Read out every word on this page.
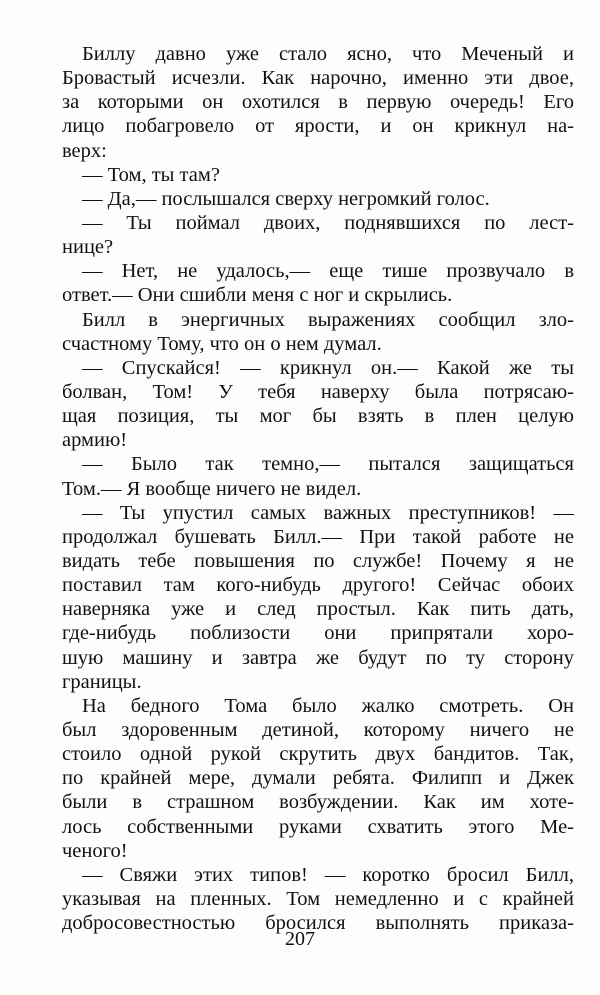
Биллу давно уже стало ясно, что Меченый и
Бровастый исчезли. Как нарочно, именно эти двое,
за которыми он охотился в первую очередь! Его
лицо побагровело от ярости, и он крикнул на-
верх:
— Том, ты там?
— Да,— послышался сверху негромкий голос.
— Ты поймал двоих, поднявшихся по лест-
нице?
— Нет, не удалось,— еще тише прозвучало в
ответ.— Они сшибли меня с ног и скрылись.
Билл в энергичных выражениях сообщил зло-
счастному Тому, что он о нем думал.
— Спускайся! — крикнул он.— Какой же ты
болван, Том! У тебя наверху была потрясаю-
щая позиция, ты мог бы взять в плен целую
армию!
— Было так темно,— пытался защищаться
Том.— Я вообще ничего не видел.
— Ты упустил самых важных преступников! —
продолжал бушевать Билл.— При такой работе не
видать тебе повышения по службе! Почему я не
поставил там кого-нибудь другого! Сейчас обоих
наверняка уже и след простыл. Как пить дать,
где-нибудь поблизости они припрятали хоро-
шую машину и завтра же будут по ту сторону
границы.
На бедного Тома было жалко смотреть. Он
был здоровенным детиной, которому ничего не
стоило одной рукой скрутить двух бандитов. Так,
по крайней мере, думали ребята. Филипп и Джек
были в страшном возбуждении. Как им хоте-
лось собственными руками схватить этого Ме-
ченого!
— Свяжи этих типов! — коротко бросил Билл,
указывая на пленных. Том немедленно и с крайней
добросовестностью бросился выполнять приказа-
207
